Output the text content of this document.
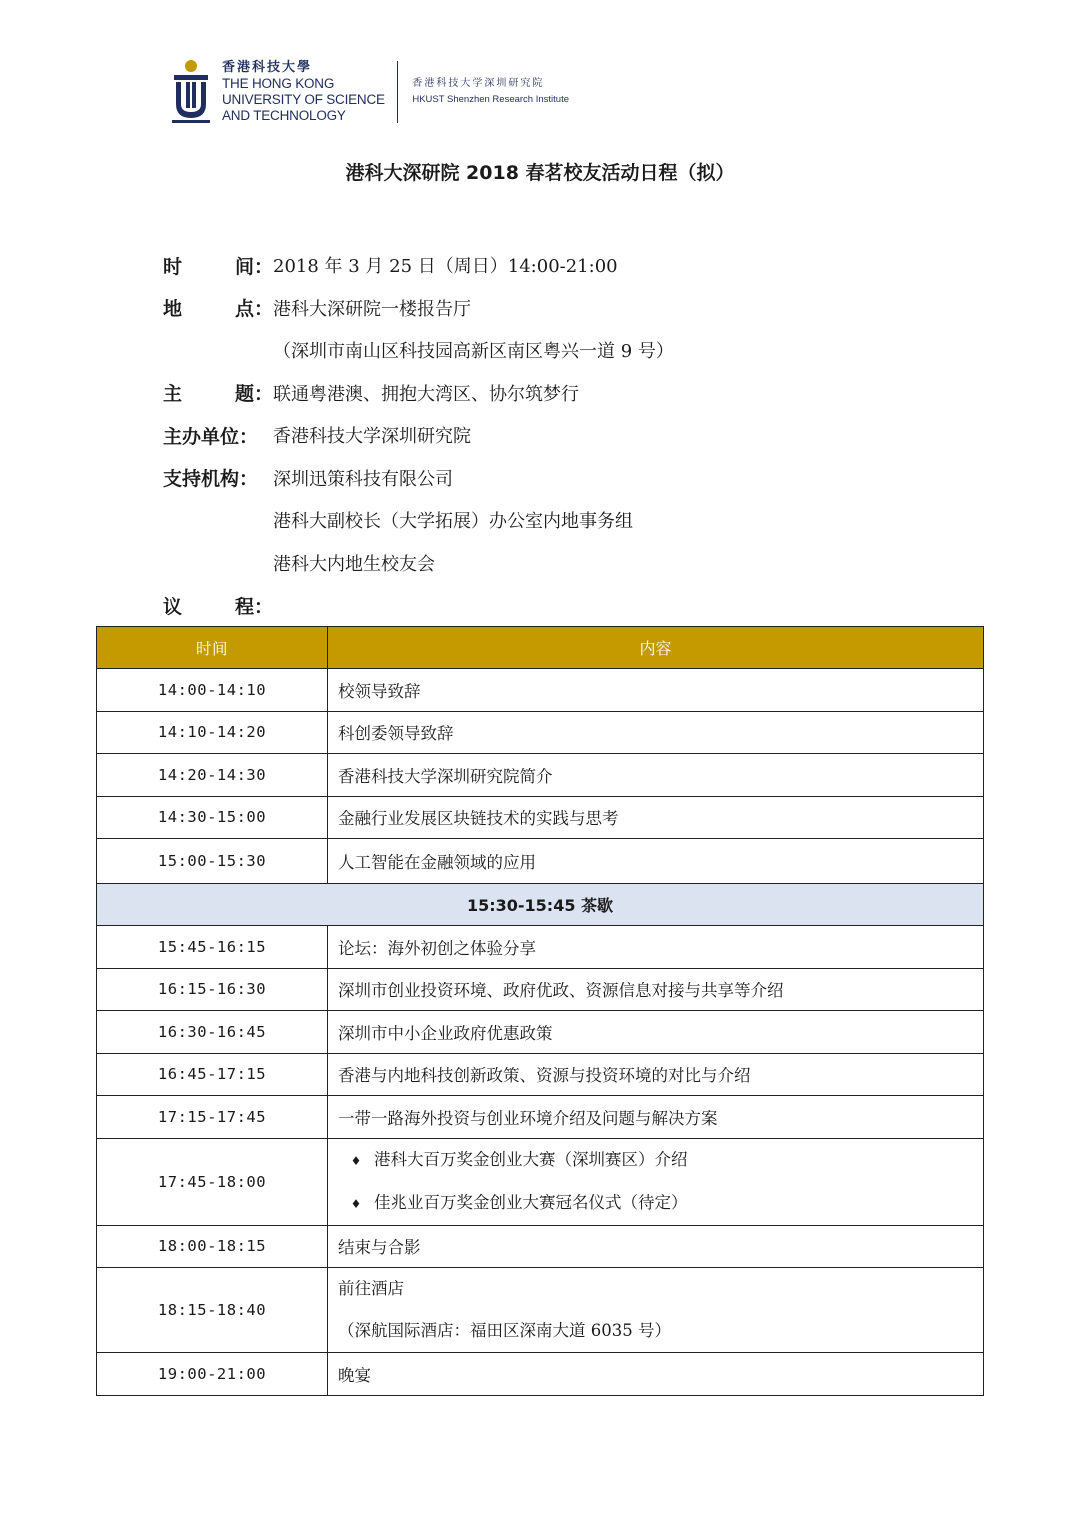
香港科技大學
THE HONG KONG
UNIVERSITY OF SCIENCE
AND TECHNOLOGY
香港科技大学深圳研究院
HKUST Shenzhen Research Institute
港科大深研院 2018 春茗校友活动日程（拟）
时	间： 2018 年 3 月 25 日（周日）14:00-21:00
地	点： 港科大深研院一楼报告厅
（深圳市南山区科技园高新区南区粤兴一道 9 号）
主	题： 联通粤港澳、拥抱大湾区、协尔筑梦行
主办单位： 香港科技大学深圳研究院
支持机构： 深圳迅策科技有限公司
港科大副校长（大学拓展）办公室内地事务组
港科大内地生校友会
议	程：
时间	内容
14:00-14:10	校领导致辞
14:10-14:20	科创委领导致辞
14:20-14:30	香港科技大学深圳研究院简介
14:30-15:00	金融行业发展区块链技术的实践与思考
15:00-15:30	人工智能在金融领域的应用
15:30-15:45 茶歇	
15:45-16:15	论坛：海外初创之体验分享
16:15-16:30	深圳市创业投资环境、政府优政、资源信息对接与共享等介绍
16:30-16:45	深圳市中小企业政府优惠政策
16:45-17:15	香港与内地科技创新政策、资源与投资环境的对比与介绍
17:15-17:45	一带一路海外投资与创业环境介绍及问题与解决方案
17:45-18:00	♦ 港科大百万奖金创业大赛（深圳赛区）介绍
♦ 佳兆业百万奖金创业大赛冠名仪式（待定）

18:00-18:15	结束与合影
18:15-18:40	前往酒店
（深航国际酒店：福田区深南大道 6035 号）

19:00-21:00	晚宴
